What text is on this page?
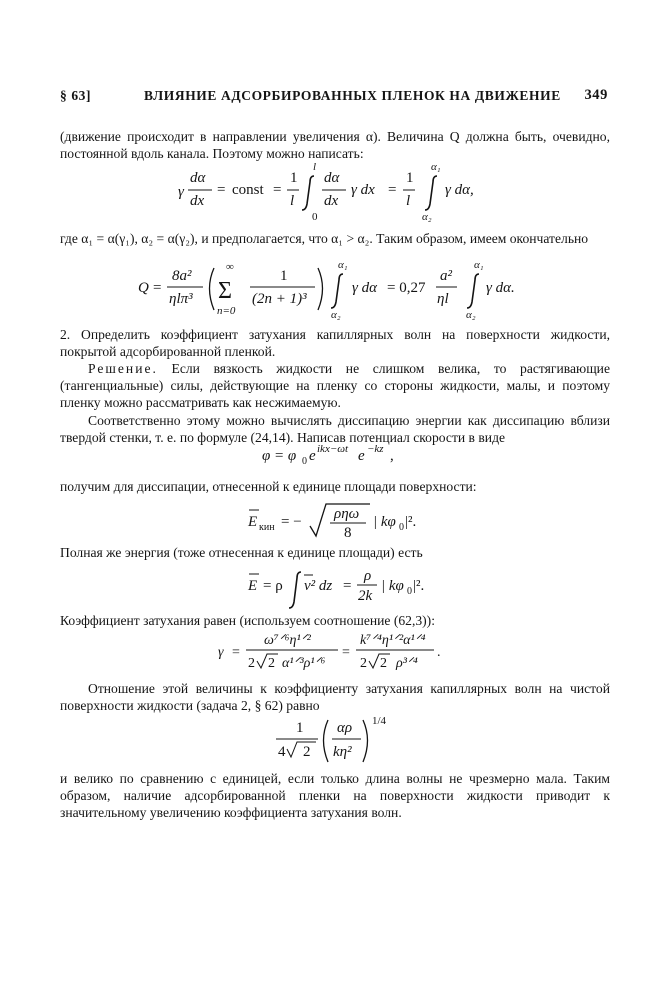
§ 63]	ВЛИЯНИЕ АДСОРБИРОВАННЫХ ПЛЕНОК НА ДВИЖЕНИЕ 349
(движение происходит в направлении увеличения α). Величина Q должна быть, очевидно, постоянной вдоль канала. Поэтому можно написать:
γ
dα
dx
= const =
1
l
l
0
dα
dx
γ dx =
1
l
α₁
α₂
γ dα,
где α₁ = α(γ₁), α₂ = α(γ₂), и предполагается, что α₁ > α₂. Таким образом, имеем окончательно
Q =
8a²
ηlπ³
∞
Σ
n=0
1
(2n + 1)³
α₁
α₂
γ dα = 0,27
a²
ηl
α₁
α₂
γ dα.
2. Определить коэффициент затухания капиллярных волн на поверхности жидкости, покрытой адсорбированной пленкой.
Решение. Если вязкость жидкости не слишком велика, то растягивающие (тангенциальные) силы, действующие на пленку со стороны жидкости, малы, и поэтому пленку можно рассматривать как несжимаемую.
Соответственно этому можно вычислять диссипацию энергии как диссипацию вблизи твердой стенки, т. е. по формуле (24,14). Написав потенциал скорости в виде
φ = φ 0 e ikx−ωt e −kz ,
получим для диссипации, отнесенной к единице площади поверхности:
E кин = − ρηω
8
| kφ 0 |².
Полная же энергия (тоже отнесенная к единице площади) есть
E = ρ v² dz =
ρ
2k
| kφ 0 |².
Коэффициент затухания равен (используем соотношение (62,3)):
γ =
ω⁷ᐟ⁶η¹ᐟ²
2 2 α¹ᐟ³ρ¹ᐟ⁶
=
k⁷ᐟ⁴η¹ᐟ²α¹ᐟ⁴
2 2 ρ³ᐟ⁴
.
Отношение этой величины к коэффициенту затухания капиллярных волн на чистой поверхности жидкости (задача 2, § 62) равно
1
4 2
αρ
kη²
1/4
и велико по сравнению с единицей, если только длина волны не чрезмерно мала. Таким образом, наличие адсорбированной пленки на поверхности жидкости приводит к значительному увеличению коэффициента затухания волн.
